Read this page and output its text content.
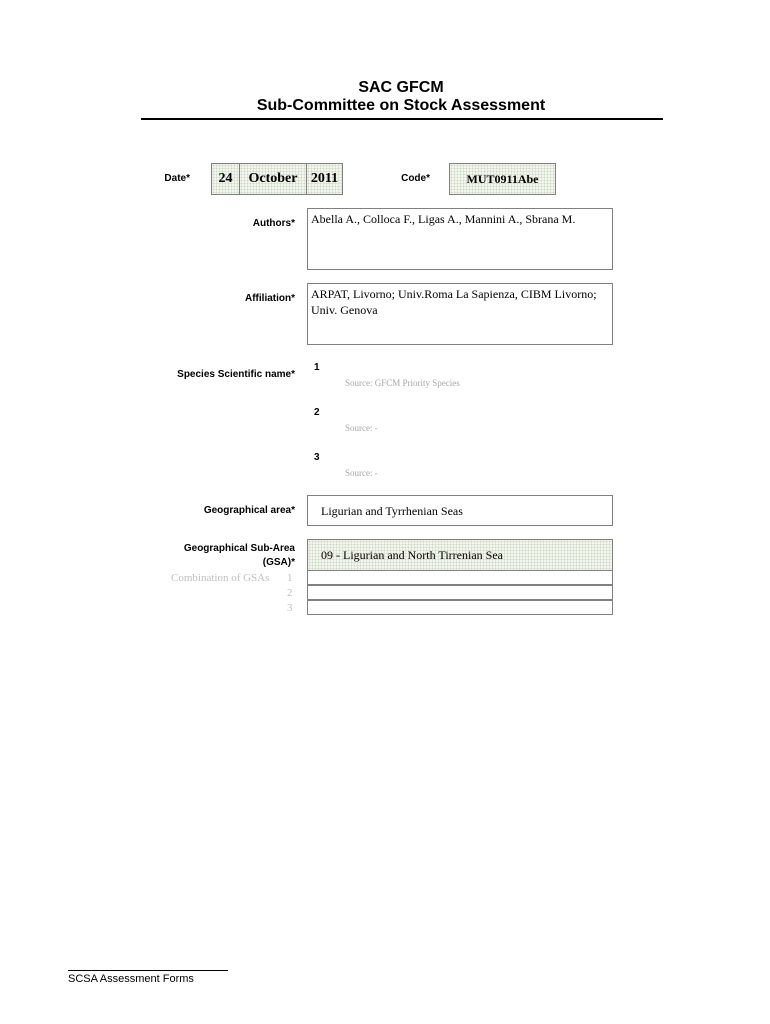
SAC GFCM
Sub-Committee on Stock Assessment
Date*	24	October 2011	Code*	MUT0911Abe
Authors*	Abella A., Colloca F., Ligas A., Mannini A., Sbrana M.
Affiliation*	ARPAT, Livorno; Univ.Roma La Sapienza, CIBM Livorno; Univ. Genova
Species Scientific name*
1
Source: GFCM Priority Species
2
Source: -
3
Source: -
Geographical area*	Ligurian and Tyrrhenian Seas
Geographical Sub-Area
(GSA)*
09 - Ligurian and North Tirrenian Sea
Combination of GSAs 1
2
3
SCSA Assessment Forms
